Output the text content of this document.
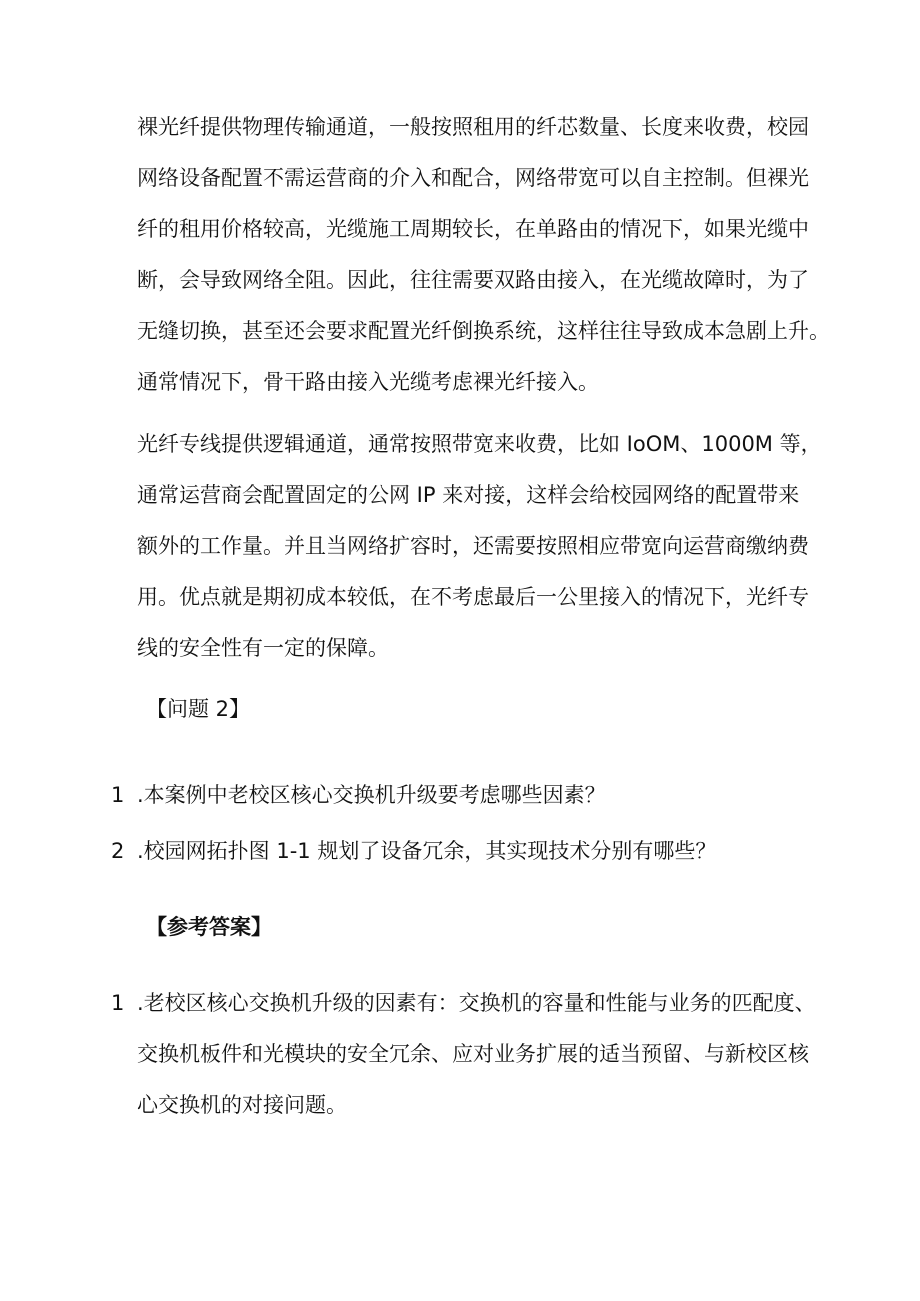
裸光纤提供物理传输通道，一般按照租用的纤芯数量、长度来收费，校园
网络设备配置不需运营商的介入和配合，网络带宽可以自主控制。但裸光
纤的租用价格较高，光缆施工周期较长，在单路由的情况下，如果光缆中
断，会导致网络全阻。因此，往往需要双路由接入，在光缆故障时，为了
无缝切换，甚至还会要求配置光纤倒换系统，这样往往导致成本急剧上升。
通常情况下，骨干路由接入光缆考虑裸光纤接入。

光纤专线提供逻辑通道，通常按照带宽来收费，比如 IoOM、1000M 等，
通常运营商会配置固定的公网 IP 来对接，这样会给校园网络的配置带来
额外的工作量。并且当网络扩容时，还需要按照相应带宽向运营商缴纳费
用。优点就是期初成本较低，在不考虑最后一公里接入的情况下，光纤专
线的安全性有一定的保障。

【问题 2】

1 .本案例中老校区核心交换机升级要考虑哪些因素？

2 .校园网拓扑图 1-1 规划了设备冗余，其实现技术分别有哪些？

【参考答案】

1 .老校区核心交换机升级的因素有：交换机的容量和性能与业务的匹配度、

交换机板件和光模块的安全冗余、应对业务扩展的适当预留、与新校区核
心交换机的对接问题。
